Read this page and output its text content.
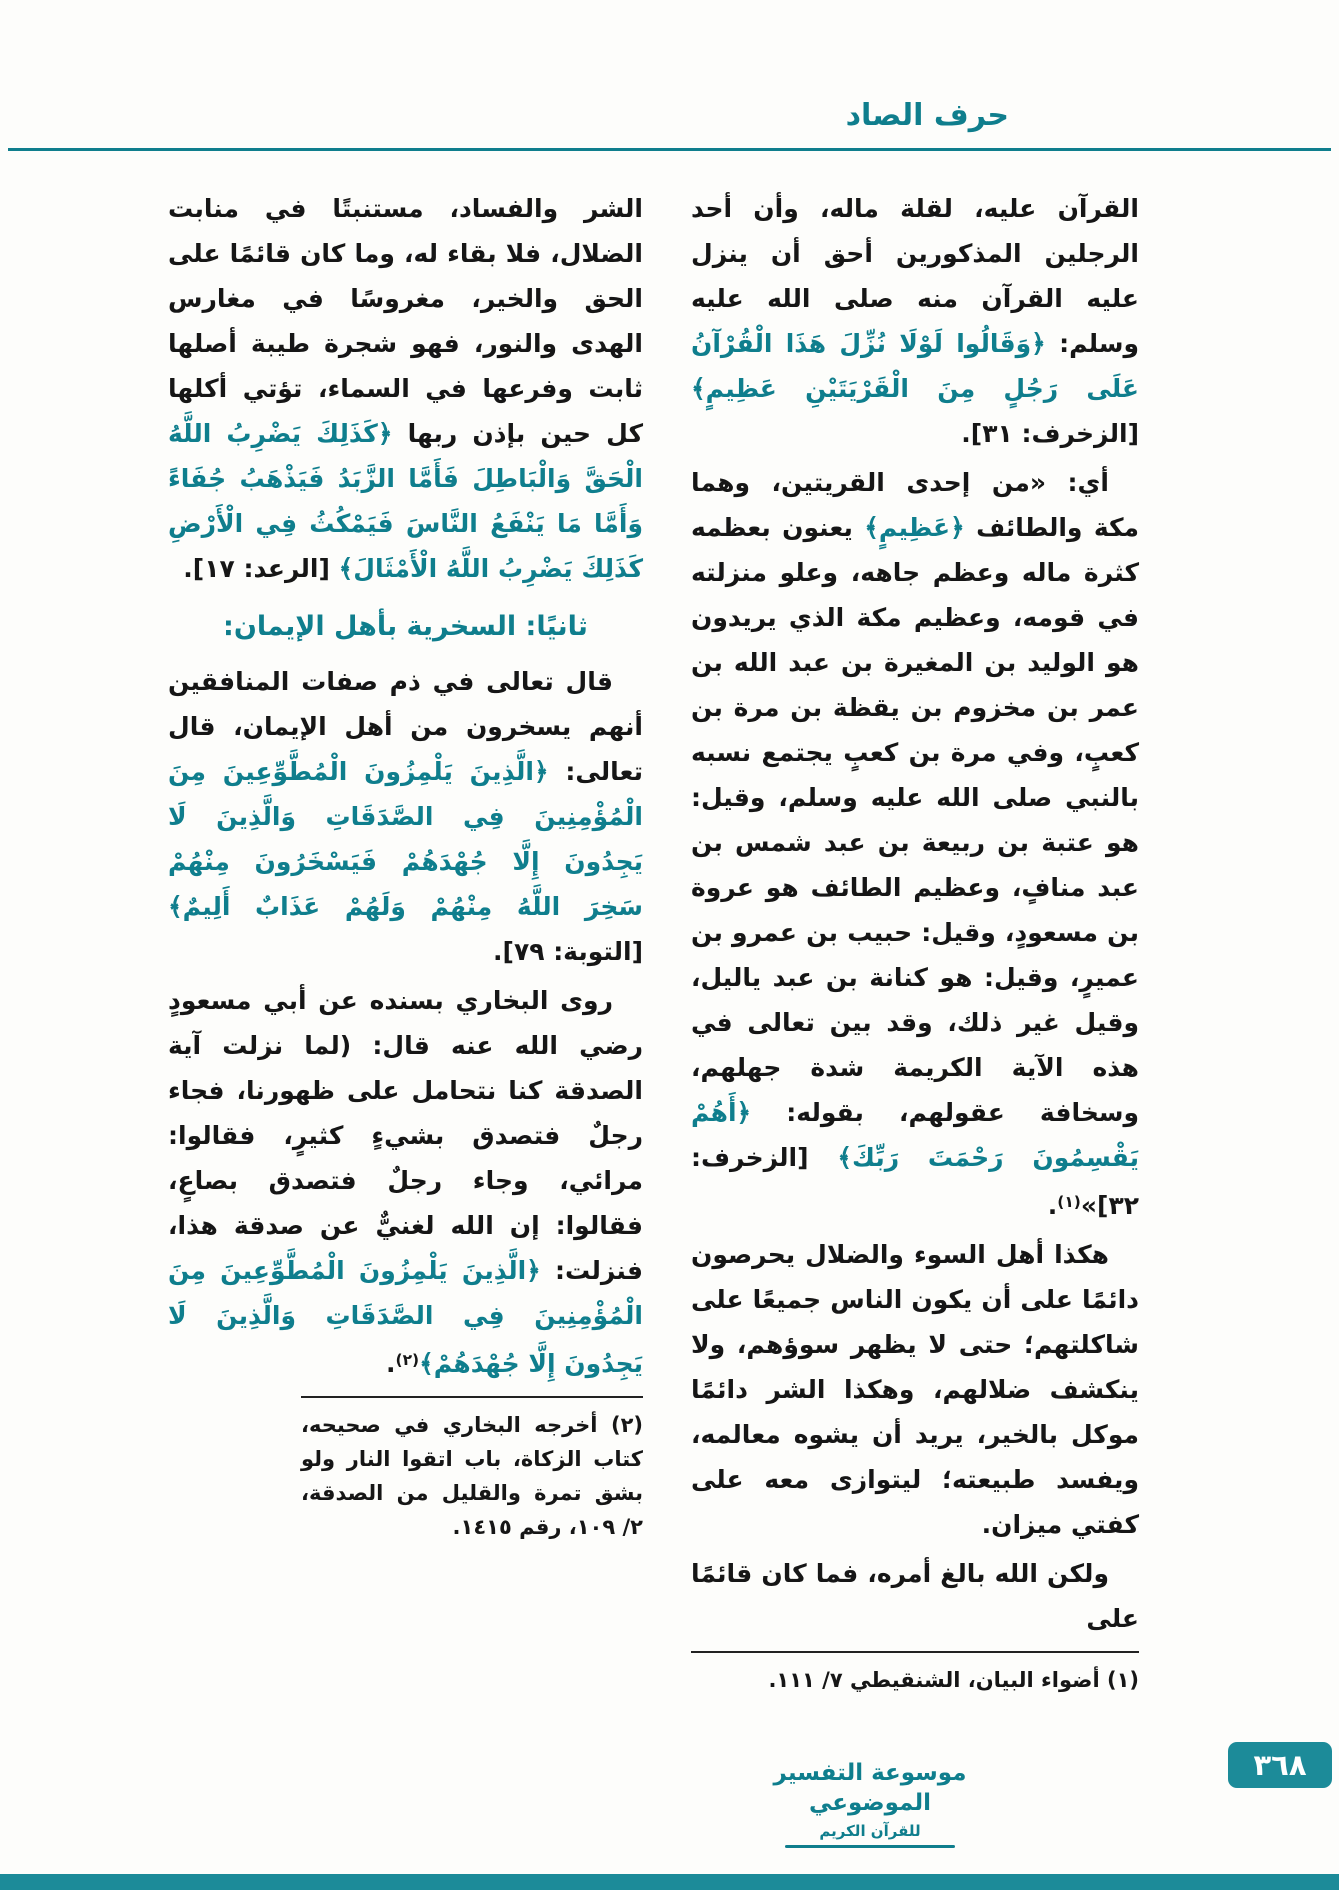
حرف الصاد

القرآن عليه، لقلة ماله، وأن أحد الرجلين المذكورين أحق أن ينزل عليه القرآن منه صلى الله عليه وسلم: ﴿وَقَالُوا لَوْلَا نُزِّلَ هَذَا الْقُرْآنُ عَلَى رَجُلٍ مِنَ الْقَرْيَتَيْنِ عَظِيمٍ﴾ [الزخرف: ٣١].

أي: «من إحدى القريتين، وهما مكة والطائف ﴿عَظِيمٍ﴾ يعنون بعظمه كثرة ماله وعظم جاهه، وعلو منزلته في قومه، وعظيم مكة الذي يريدون هو الوليد بن المغيرة بن عبد الله بن عمر بن مخزوم بن يقظة بن مرة بن كعبٍ، وفي مرة بن كعبٍ يجتمع نسبه بالنبي صلى الله عليه وسلم، وقيل: هو عتبة بن ربيعة بن عبد شمس بن عبد منافٍ، وعظيم الطائف هو عروة بن مسعودٍ، وقيل: حبيب بن عمرو بن عميرٍ، وقيل: هو كنانة بن عبد ياليل، وقيل غير ذلك، وقد بين تعالى في هذه الآية الكريمة شدة جهلهم، وسخافة عقولهم، بقوله: ﴿أَهُمْ يَقْسِمُونَ رَحْمَتَ رَبِّكَ﴾ [الزخرف: ٣٢]»$^{(١)}$.

هكذا أهل السوء والضلال يحرصون دائمًا على أن يكون الناس جميعًا على شاكلتهم؛ حتى لا يظهر سوؤهم، ولا ينكشف ضلالهم، وهكذا الشر دائمًا موكل بالخير، يريد أن يشوه معالمه، ويفسد طبيعته؛ ليتوازى معه على كفتي ميزان.

ولكن الله بالغ أمره، فما كان قائمًا على

(١) أضواء البيان، الشنقيطي ٧/ ١١١.

الشر والفساد، مستنبتًا في منابت الضلال، فلا بقاء له، وما كان قائمًا على الحق والخير، مغروسًا في مغارس الهدى والنور، فهو شجرة طيبة أصلها ثابت وفرعها في السماء، تؤتي أكلها كل حين بإذن ربها ﴿كَذَلِكَ يَضْرِبُ اللَّهُ الْحَقَّ وَالْبَاطِلَ فَأَمَّا الزَّبَدُ فَيَذْهَبُ جُفَاءً وَأَمَّا مَا يَنْفَعُ النَّاسَ فَيَمْكُثُ فِي الْأَرْضِ كَذَلِكَ يَضْرِبُ اللَّهُ الْأَمْثَالَ﴾ [الرعد: ١٧].

ثانيًا: السخرية بأهل الإيمان:

قال تعالى في ذم صفات المنافقين أنهم يسخرون من أهل الإيمان، قال تعالى: ﴿الَّذِينَ يَلْمِزُونَ الْمُطَّوِّعِينَ مِنَ الْمُؤْمِنِينَ فِي الصَّدَقَاتِ وَالَّذِينَ لَا يَجِدُونَ إِلَّا جُهْدَهُمْ فَيَسْخَرُونَ مِنْهُمْ سَخِرَ اللَّهُ مِنْهُمْ وَلَهُمْ عَذَابٌ أَلِيمٌ﴾ [التوبة: ٧٩].

روى البخاري بسنده عن أبي مسعودٍ رضي الله عنه قال: (لما نزلت آية الصدقة كنا نتحامل على ظهورنا، فجاء رجلٌ فتصدق بشيءٍ كثيرٍ، فقالوا: مرائي، وجاء رجلٌ فتصدق بصاعٍ، فقالوا: إن الله لغنيٌّ عن صدقة هذا، فنزلت: ﴿الَّذِينَ يَلْمِزُونَ الْمُطَّوِّعِينَ مِنَ الْمُؤْمِنِينَ فِي الصَّدَقَاتِ وَالَّذِينَ لَا يَجِدُونَ إِلَّا جُهْدَهُمْ﴾$^{(٢)}$.

(٢) أخرجه البخاري في صحيحه، كتاب الزكاة، باب اتقوا النار ولو بشق تمرة والقليل من الصدقة، ٢/ ١٠٩، رقم ١٤١٥.
موسوعة التفسير الموضوعي
للقرآن الكريم
٣٦٨
